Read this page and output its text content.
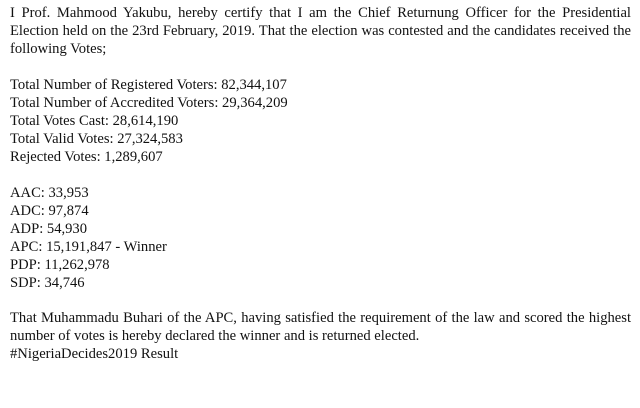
I Prof. Mahmood Yakubu, hereby certify that I am the Chief Returnung Officer for the Presidential Election held on the 23rd February, 2019. That the election was contested and the candidates received the following Votes;

Total Number of Registered Voters: 82,344,107
Total Number of Accredited Voters: 29,364,209
Total Votes Cast: 28,614,190
Total Valid Votes: 27,324,583
Rejected Votes: 1,289,607
AAC: 33,953
ADC: 97,874
ADP: 54,930
APC: 15,191,847 - Winner
PDP: 11,262,978
SDP: 34,746

That Muhammadu Buhari of the APC, having satisfied the requirement of the law and scored the highest number of votes is hereby declared the winner and is returned elected.
#NigeriaDecides2019 Result
